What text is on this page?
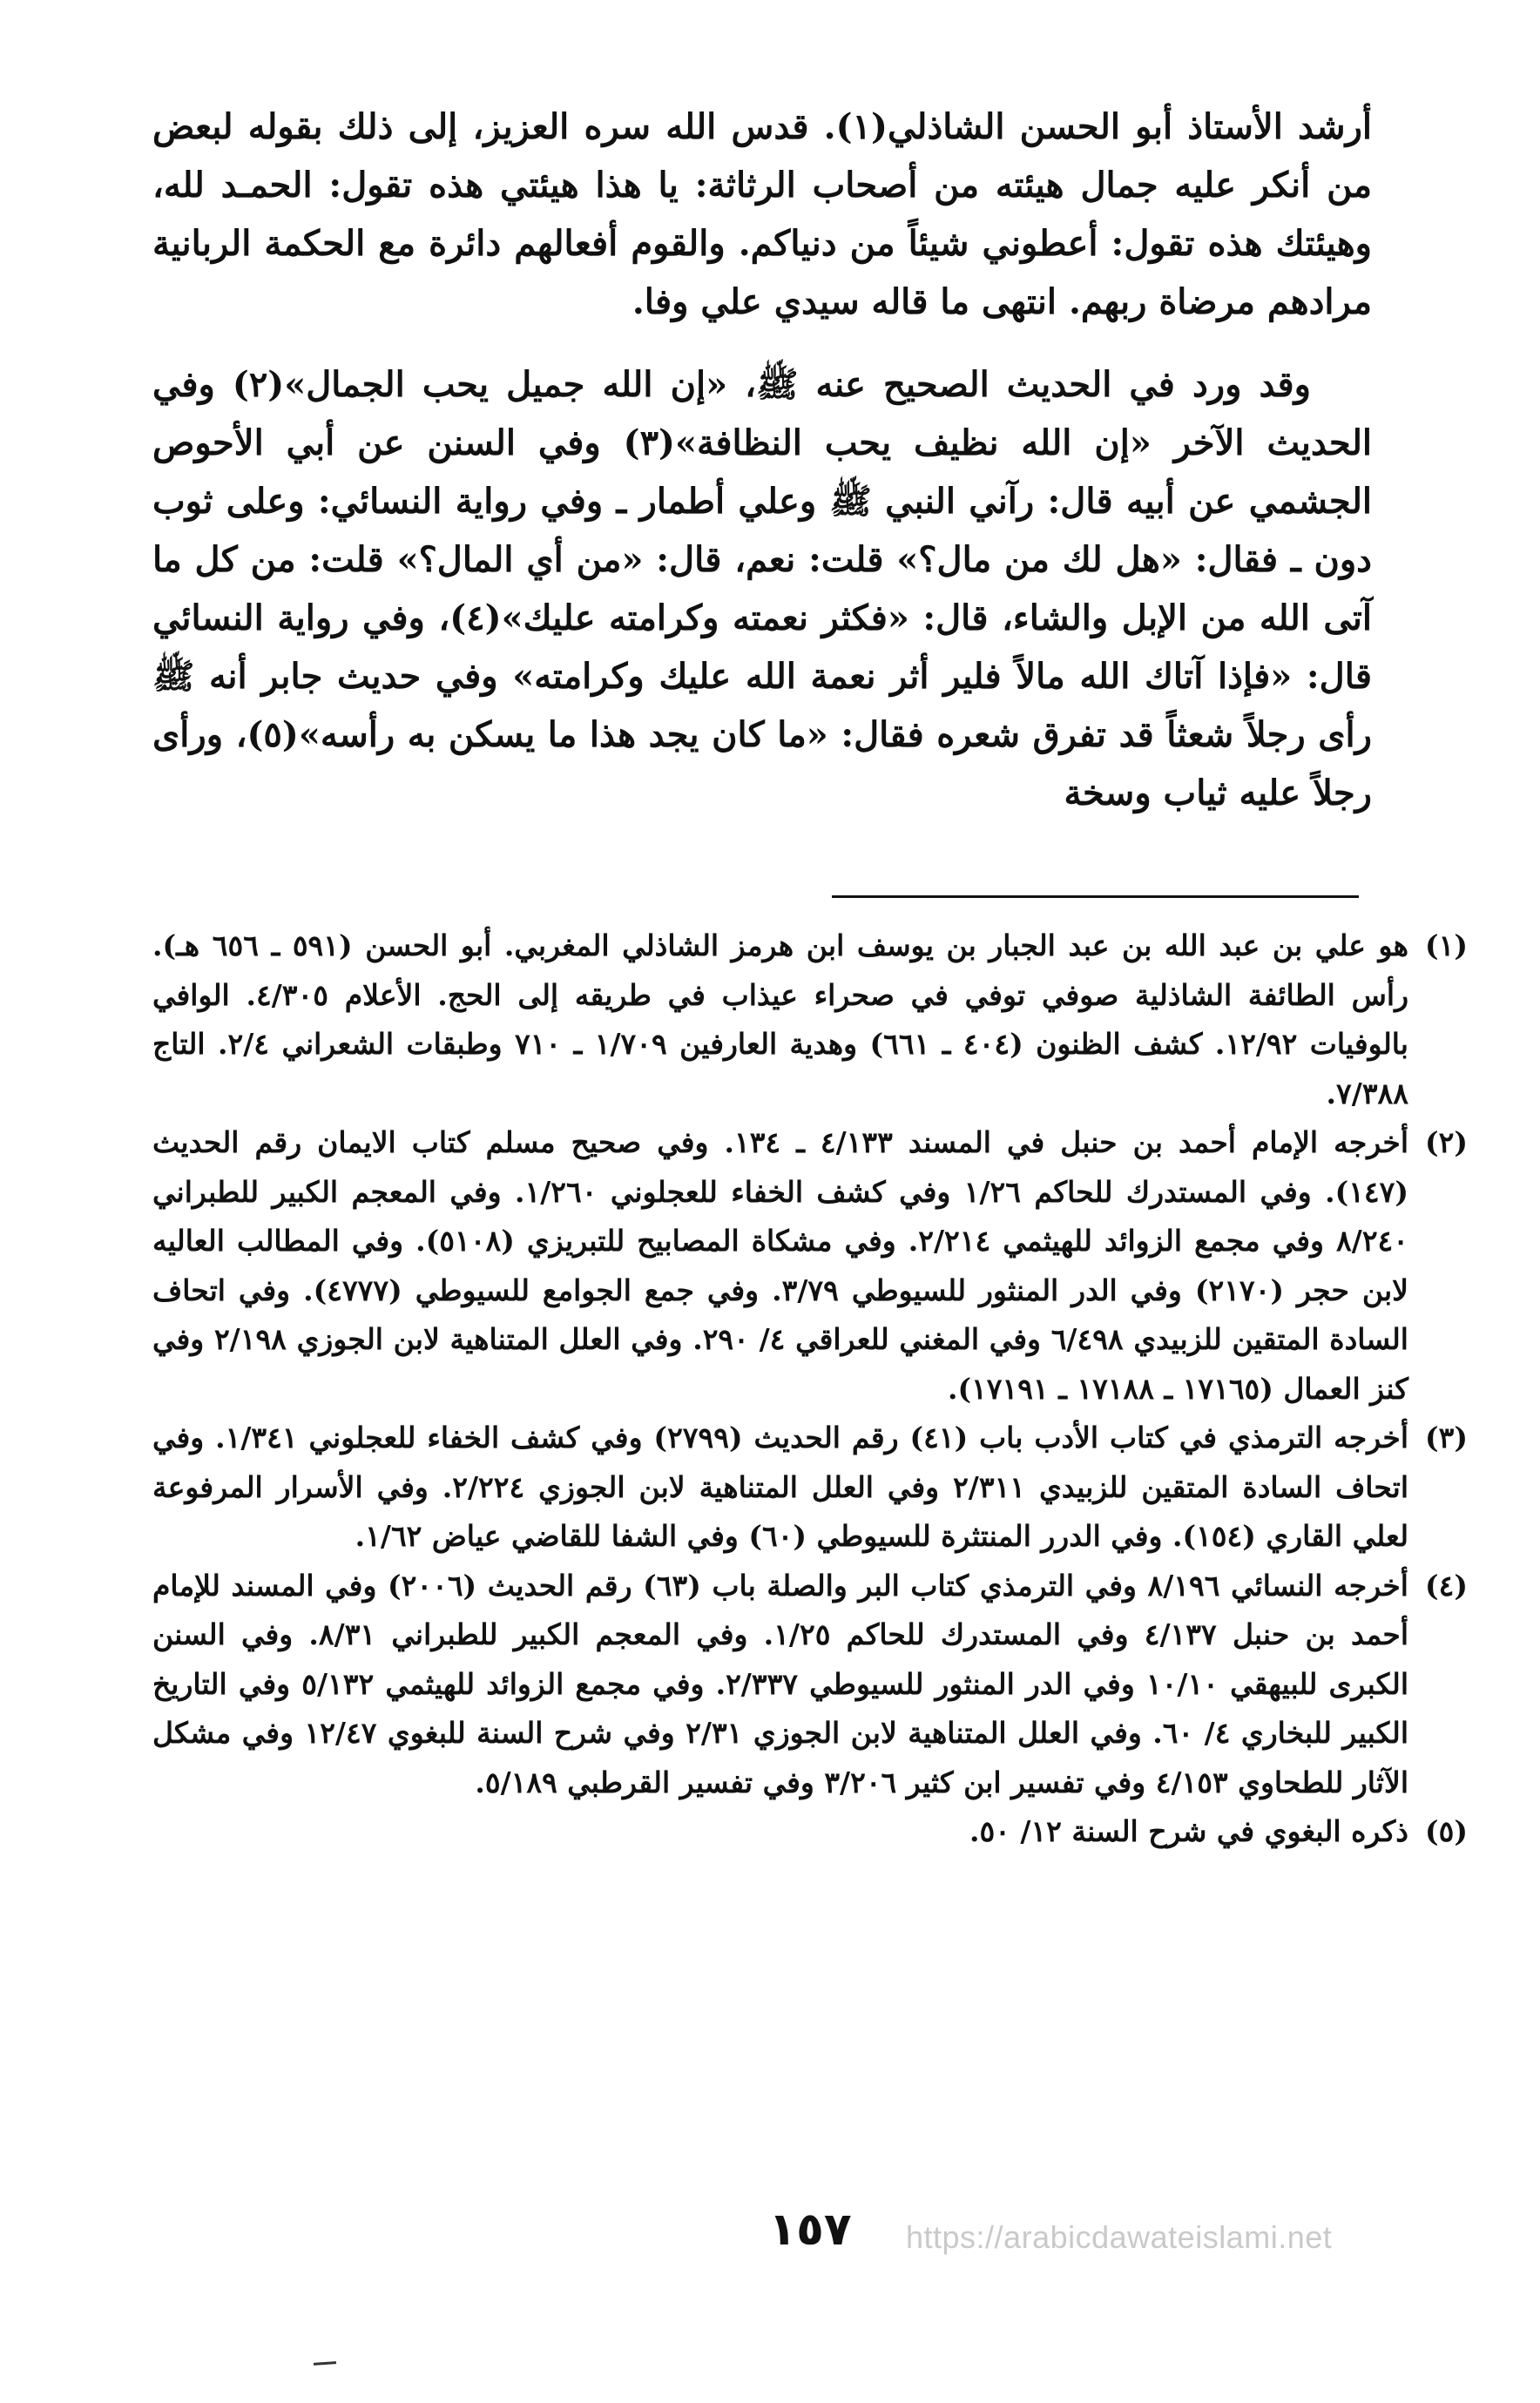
أرشد الأستاذ أبو الحسن الشاذلي(١). قدس الله سره العزيز، إلى ذلك بقوله لبعض من أنكر عليه جمال هيئته من أصحاب الرثاثة: يا هذا هيئتي هذه تقول: الحمـد لله، وهيئتك هذه تقول: أعطوني شيئاً من دنياكم. والقوم أفعالهم دائرة مع الحكمة الربانية مرادهم مرضاة ربهم. انتهى ما قاله سيدي علي وفا.

وقد ورد في الحديث الصحيح عنه ﷺ، «إن الله جميل يحب الجمال»(٢) وفي الحديث الآخر «إن الله نظيف يحب النظافة»(٣) وفي السنن عن أبي الأحوص الجشمي عن أبيه قال: رآني النبي ﷺ وعلي أطمار ـ وفي رواية النسائي: وعلى ثوب دون ـ فقال: «هل لك من مال؟» قلت: نعم، قال: «من أي المال؟» قلت: من كل ما آتى الله من الإبل والشاء، قال: «فكثر نعمته وكرامته عليك»(٤)، وفي رواية النسائي قال: «فإذا آتاك الله مالاً فلير أثر نعمة الله عليك وكرامته» وفي حديث جابر أنه ﷺ رأى رجلاً شعثاً قد تفرق شعره فقال: «ما كان يجد هذا ما يسكن به رأسه»(٥)، ورأى رجلاً عليه ثياب وسخة

(١)
هو علي بن عبد الله بن عبد الجبار بن يوسف ابن هرمز الشاذلي المغربي. أبو الحسن (٥٩١ ـ ٦٥٦ هـ). رأس الطائفة الشاذلية صوفي توفي في صحراء عيذاب في طريقه إلى الحج. الأعلام ٤/٣٠٥. الوافي بالوفيات ١٢/٩٢. كشف الظنون (٤٠٤ ـ ٦٦١) وهدية العارفين ١/٧٠٩ ـ ٧١٠ وطبقات الشعراني ٢/٤. التاج ٧/٣٨٨.
(٢)
أخرجه الإمام أحمد بن حنبل في المسند ٤/١٣٣ ـ ١٣٤. وفي صحيح مسلم كتاب الايمان رقم الحديث (١٤٧). وفي المستدرك للحاكم ١/٢٦ وفي كشف الخفاء للعجلوني ١/٢٦٠. وفي المعجم الكبير للطبراني ٨/٢٤٠ وفي مجمع الزوائد للهيثمي ٢/٢١٤. وفي مشكاة المصابيح للتبريزي (٥١٠٨). وفي المطالب العاليه لابن حجر (٢١٧٠) وفي الدر المنثور للسيوطي ٣/٧٩. وفي جمع الجوامع للسيوطي (٤٧٧٧). وفي اتحاف السادة المتقين للزبيدي ٦/٤٩٨ وفي المغني للعراقي ٤/ ٢٩٠. وفي العلل المتناهية لابن الجوزي ٢/١٩٨ وفي كنز العمال (١٧١٦٥ ـ ١٧١٨٨ ـ ١٧١٩١).
(٣)
أخرجه الترمذي في كتاب الأدب باب (٤١) رقم الحديث (٢٧٩٩) وفي كشف الخفاء للعجلوني ١/٣٤١. وفي اتحاف السادة المتقين للزبيدي ٢/٣١١ وفي العلل المتناهية لابن الجوزي ٢/٢٢٤. وفي الأسرار المرفوعة لعلي القاري (١٥٤). وفي الدرر المنتثرة للسيوطي (٦٠) وفي الشفا للقاضي عياض ١/٦٢.
(٤)
أخرجه النسائي ٨/١٩٦ وفي الترمذي كتاب البر والصلة باب (٦٣) رقم الحديث (٢٠٠٦) وفي المسند للإمام أحمد بن حنبل ٤/١٣٧ وفي المستدرك للحاكم ١/٢٥. وفي المعجم الكبير للطبراني ٨/٣١. وفي السنن الكبرى للبيهقي ١٠/١٠ وفي الدر المنثور للسيوطي ٢/٣٣٧. وفي مجمع الزوائد للهيثمي ٥/١٣٢ وفي التاريخ الكبير للبخاري ٤/ ٦٠. وفي العلل المتناهية لابن الجوزي ٢/٣١ وفي شرح السنة للبغوي ١٢/٤٧ وفي مشكل الآثار للطحاوي ٤/١٥٣ وفي تفسير ابن كثير ٣/٢٠٦ وفي تفسير القرطبي ٥/١٨٩.
(٥)
ذكره البغوي في شرح السنة ١٢/ ٥٠.
١٥٧	https://arabicdawateislami.net
